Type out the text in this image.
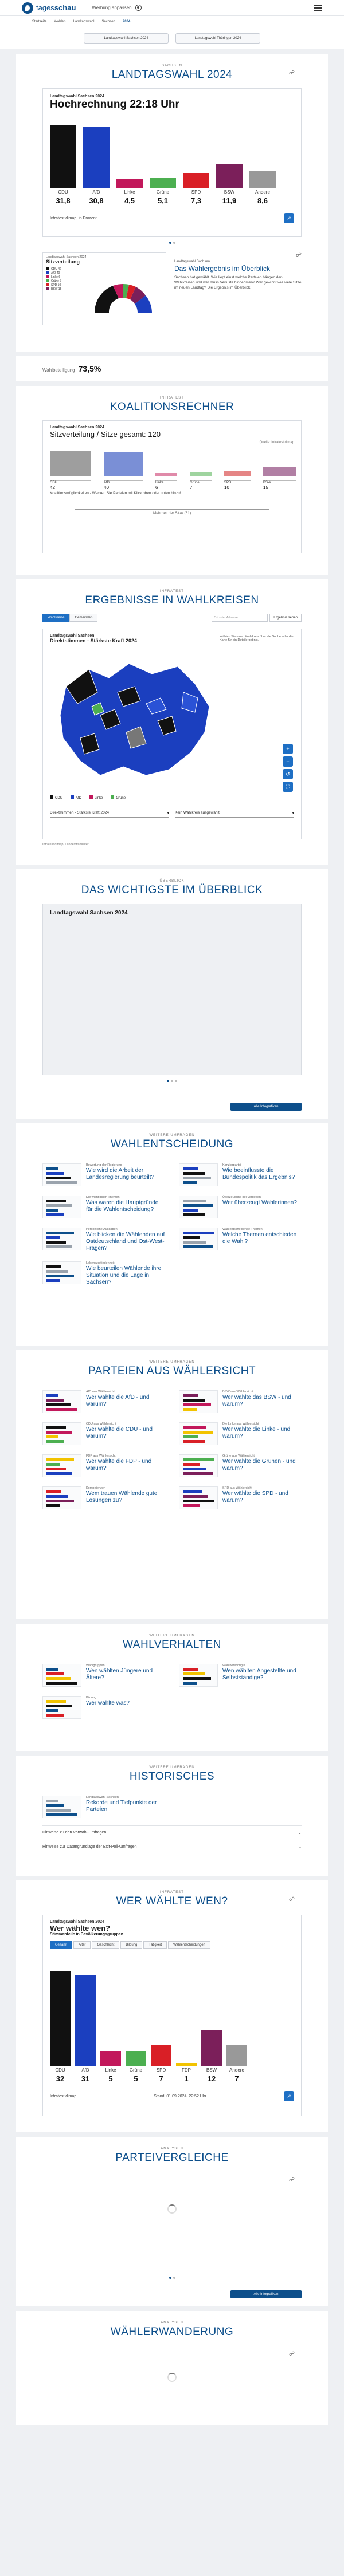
tagesschau	Werbung anpassen
Startseite Wahlen Landtagswahl Sachsen 2024
Landtagswahl Sachsen 2024	Landtagswahl Thüringen 2024
SACHSEN
LANDTAGSWAHL 2024	☍
Landtagswahl Sachsen 2024
Hochrechnung 22:18 Uhr
CDU
31,8
AfD
30,8
Linke
4,5
Grüne
5,1
SPD
7,3
BSW
11,9
Andere
8,6
Infratest dimap, in Prozent	↗
Landtagswahl Sachsen 2024
Sitzverteilung
CDU 42
AfD 40
Linke 6
Grüne 7
SPD 10
BSW 15
☍
Landtagswahl Sachsen
Das Wahlergebnis im Überblick
Sachsen hat gewählt. Wie liegt einst welche Parteien hängen den Wahlkreisen und wer muss Verluste hinnehmen? Wer gewinnt wie viele Sitze im neuen Landtag? Die Ergebnis im Überblick.
Wahlbeteiligung 73,5%
INFRATEST
KOALITIONSRECHNER
Landtagswahl Sachsen 2024
Sitzverteilung / Sitze gesamt: 120
Quelle: Infratest dimap
CDU
42
AfD
40
Linke
6
Grüne
7
SPD
10
BSW
15
Koalitionsmöglichkeiten - Wecken Sie Parteien mit Klick oben oder unten hinzu!
Mehrheit der Sitze (61)
INFRATEST
ERGEBNISSE IN WAHLKREISEN
Wahlkreise	Gemeinden	Ort oder Adresse	Ergebnis sehen
Landtagswahl Sachsen
Direktstimmen - Stärkste Kraft 2024
Wählen Sie einen Wahlkreis über die Suche oder die Karte für ein Detailergebnis.
+
−
↺
⛶
CDU	AfD	Linke	Grüne
Direktstimmen - Stärkste Kraft 2024	▾ Kein Wahlkreis ausgewählt	▾
Infratest dimap, Landeswahlleiter
ÜBERBLICK
DAS WICHTIGSTE IM ÜBERBLICK
Landtagswahl Sachsen 2024
Alle Infografiken
WEITERE UMFRAGEN
WAHLENTSCHEIDUNG
Bewertung der Regierung
Wie wird die Arbeit der Landesregierung beurteilt?
Kanzlerpartei
Wie beeinflusste die Bundespolitik das Ergebnis?
Die wichtigsten Themen
Was waren die Hauptgründe für die Wahlentscheidung?
Überzeugung bei Vergeben
Wer überzeugt Wählerinnen?
Persönliche Ausgaben
Wie blicken die Wählenden auf Ostdeutschland und Ost-West-Fragen?
Wahlentscheidende Themen
Welche Themen entschieden die Wahl?
Lebenszufriedenheit
Wie beurteilen Wählende ihre Situation und die Lage in Sachsen?
WEITERE UMFRAGEN
PARTEIEN AUS WÄHLERSICHT
AfD aus Wählersicht
Wer wählte die AfD - und warum?
BSW aus Wählersicht
Wer wählte das BSW - und warum?
CDU aus Wählersicht
Wer wählte die CDU - und warum?
Die Linke aus Wählersicht
Wer wählte die Linke - und warum?
FDP aus Wählersicht
Wer wählte die FDP - und warum?
Grüne aus Wählersicht
Wer wählte die Grünen - und warum?
Kompetenzen
Wem trauen Wählende gute Lösungen zu?
SPD aus Wählersicht
Wer wählte die SPD - und warum?
WEITERE UMFRAGEN
WAHLVERHALTEN
Wahlgruppen
Wen wählten Jüngere und Ältere?
Wahlberechtigte
Wen wählten Angestellte und Selbstständige?
Bildung
Wer wählte was?
WEITERE UMFRAGEN
HISTORISCHES
Landtagswahl Sachsen
Rekorde und Tiefpunkte der Parteien
Hinweise zu den Vorwahl-Umfragen	⌄
Hinweise zur Datengrundlage der Exit-Poll-Umfragen	⌄
INFRATEST
WER WÄHLTE WEN?	☍
Landtagswahl Sachsen 2024
Wer wählte wen?
Stimmanteile in Bevölkerungsgruppen
Gesamt	Alter	Geschlecht	Bildung	Tätigkeit	Wahlentscheidungen
CDU
32
AfD
31
Linke
5
Grüne
5
SPD
7
FDP
1
BSW
12
Andere
7
Infratest dimap	Stand: 01.09.2024, 22:52 Uhr	↗
ANALYSEN
PARTEIVERGLEICHE
☍
Alle Infografiken
ANALYSEN
WÄHLERWANDERUNG
☍
